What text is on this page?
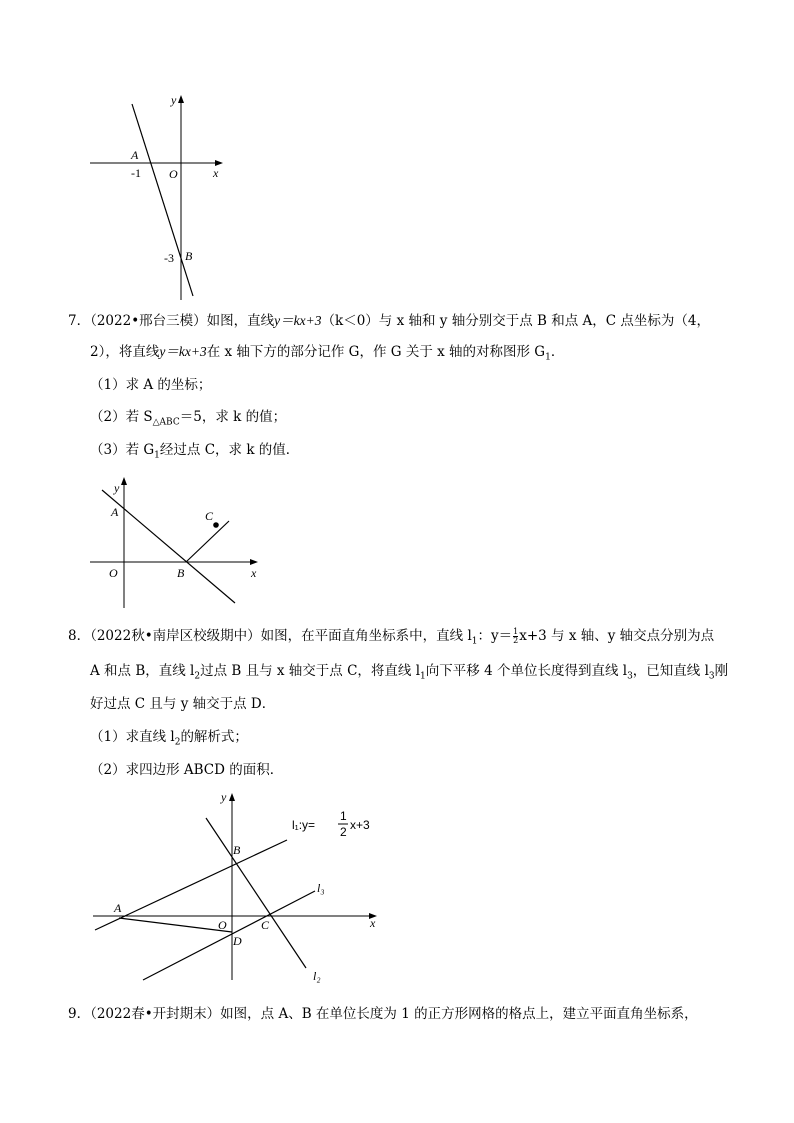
y
x
O
A
-1
B
-3
7．（2022•邢台三模）如图，直线y＝kx+3（k＜0）与 x 轴和 y 轴分别交于点 B 和点 A，C 点坐标为（4，
2），将直线y＝kx+3在 x 轴下方的部分记作 G，作 G 关于 x 轴的对称图形 $G_1$．
（1）求 A 的坐标；
（2）若 $S_{\triangle ABC}=5$，求 k 的值；
（3）若 $G_1$经过点 C，求 k 的值．
y
x
O
A
B
C
8．（2022秋•南岸区校级期中）如图，在平面直角坐标系中，直线 $l_1$：$y= \frac{1}{2} x+3$ 与 x 轴、y 轴交点分别为点
A 和点 B，直线 $l_2$过点 B 且与 x 轴交于点 C，将直线 $l_1$向下平移 4 个单位长度得到直线 $l_3$，已知直线 $l_3$刚
好过点 C 且与 y 轴交于点 D．
（1）求直线 $l_2$的解析式；
（2）求四边形 ABCD 的面积．
y
x
O
A
B
C
D
l₁:y=
1
2 x+3
l₃
l₂
9．（2022春•开封期末）如图，点 A、B 在单位长度为 1 的正方形网格的格点上，建立平面直角坐标系，
